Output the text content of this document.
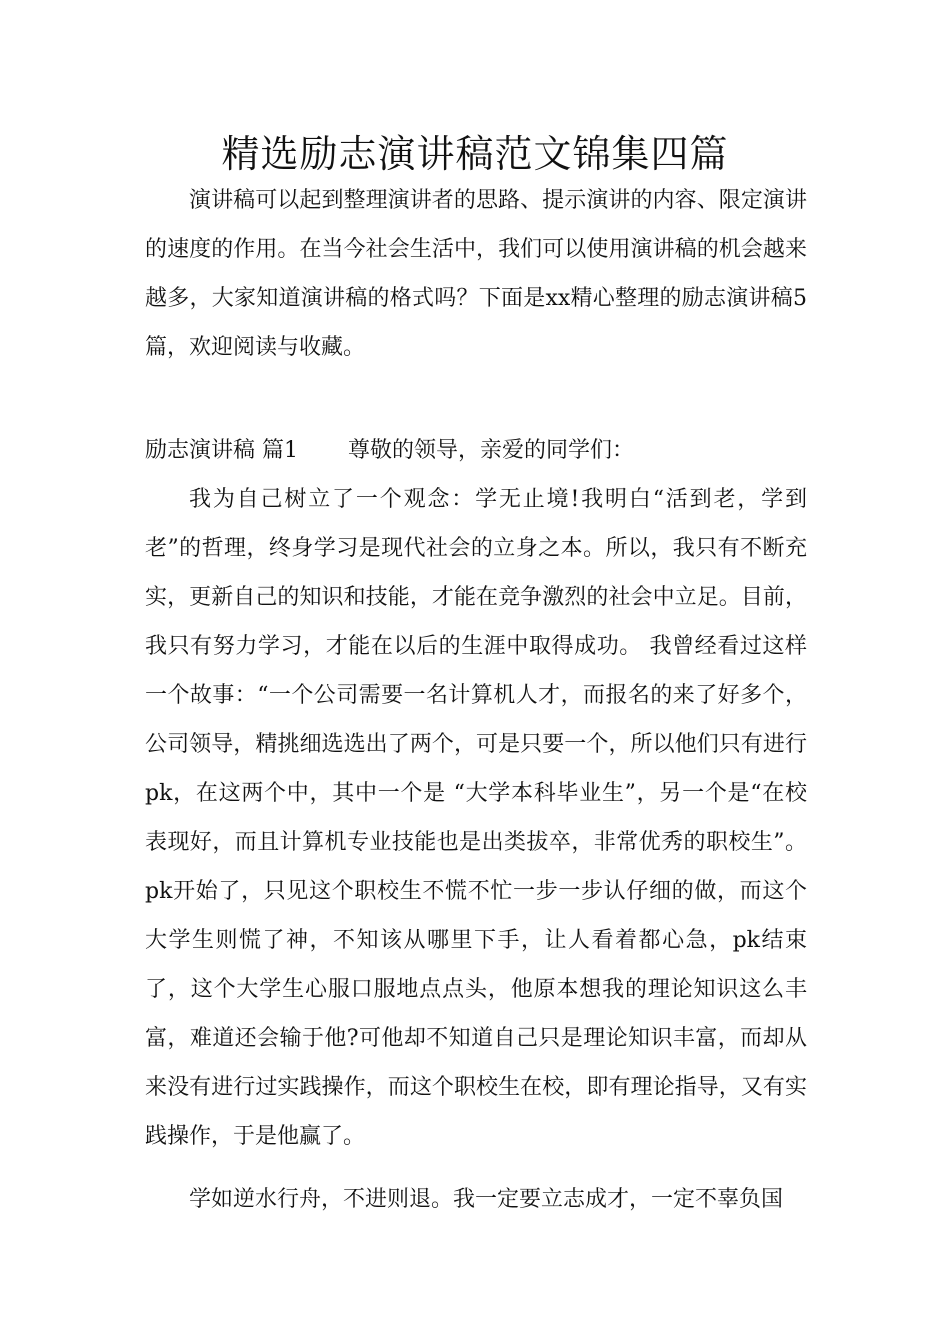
精选励志演讲稿范文锦集四篇

演讲稿可以起到整理演讲者的思路、提示演讲的内容、限定演讲的速度的作用。在当今社会生活中，我们可以使用演讲稿的机会越来越多，大家知道演讲稿的格式吗？下面是xx精心整理的励志演讲稿5篇，欢迎阅读与收藏。

励志演讲稿 篇1 尊敬的领导，亲爱的同学们：

我为自己树立了一个观念：学无止境!我明白“活到老，学到老”的哲理，终身学习是现代社会的立身之本。所以，我只有不断充实，更新自己的知识和技能，才能在竞争激烈的社会中立足。目前，我只有努力学习，才能在以后的生涯中取得成功。 我曾经看过这样一个故事：“一个公司需要一名计算机人才，而报名的来了好多个，公司领导，精挑细选选出了两个，可是只要一个，所以他们只有进行pk，在这两个中，其中一个是 “大学本科毕业生”，另一个是“在校表现好，而且计算机专业技能也是出类拔卒，非常优秀的职校生”。pk开始了，只见这个职校生不慌不忙一步一步认仔细的做，而这个大学生则慌了神，不知该从哪里下手，让人看着都心急，pk结束了，这个大学生心服口服地点点头，他原本想我的理论知识这么丰富，难道还会输于他?可他却不知道自己只是理论知识丰富，而却从来没有进行过实践操作，而这个职校生在校，即有理论指导，又有实践操作，于是他赢了。

学如逆水行舟，不进则退。我一定要立志成才，一定不辜负国
